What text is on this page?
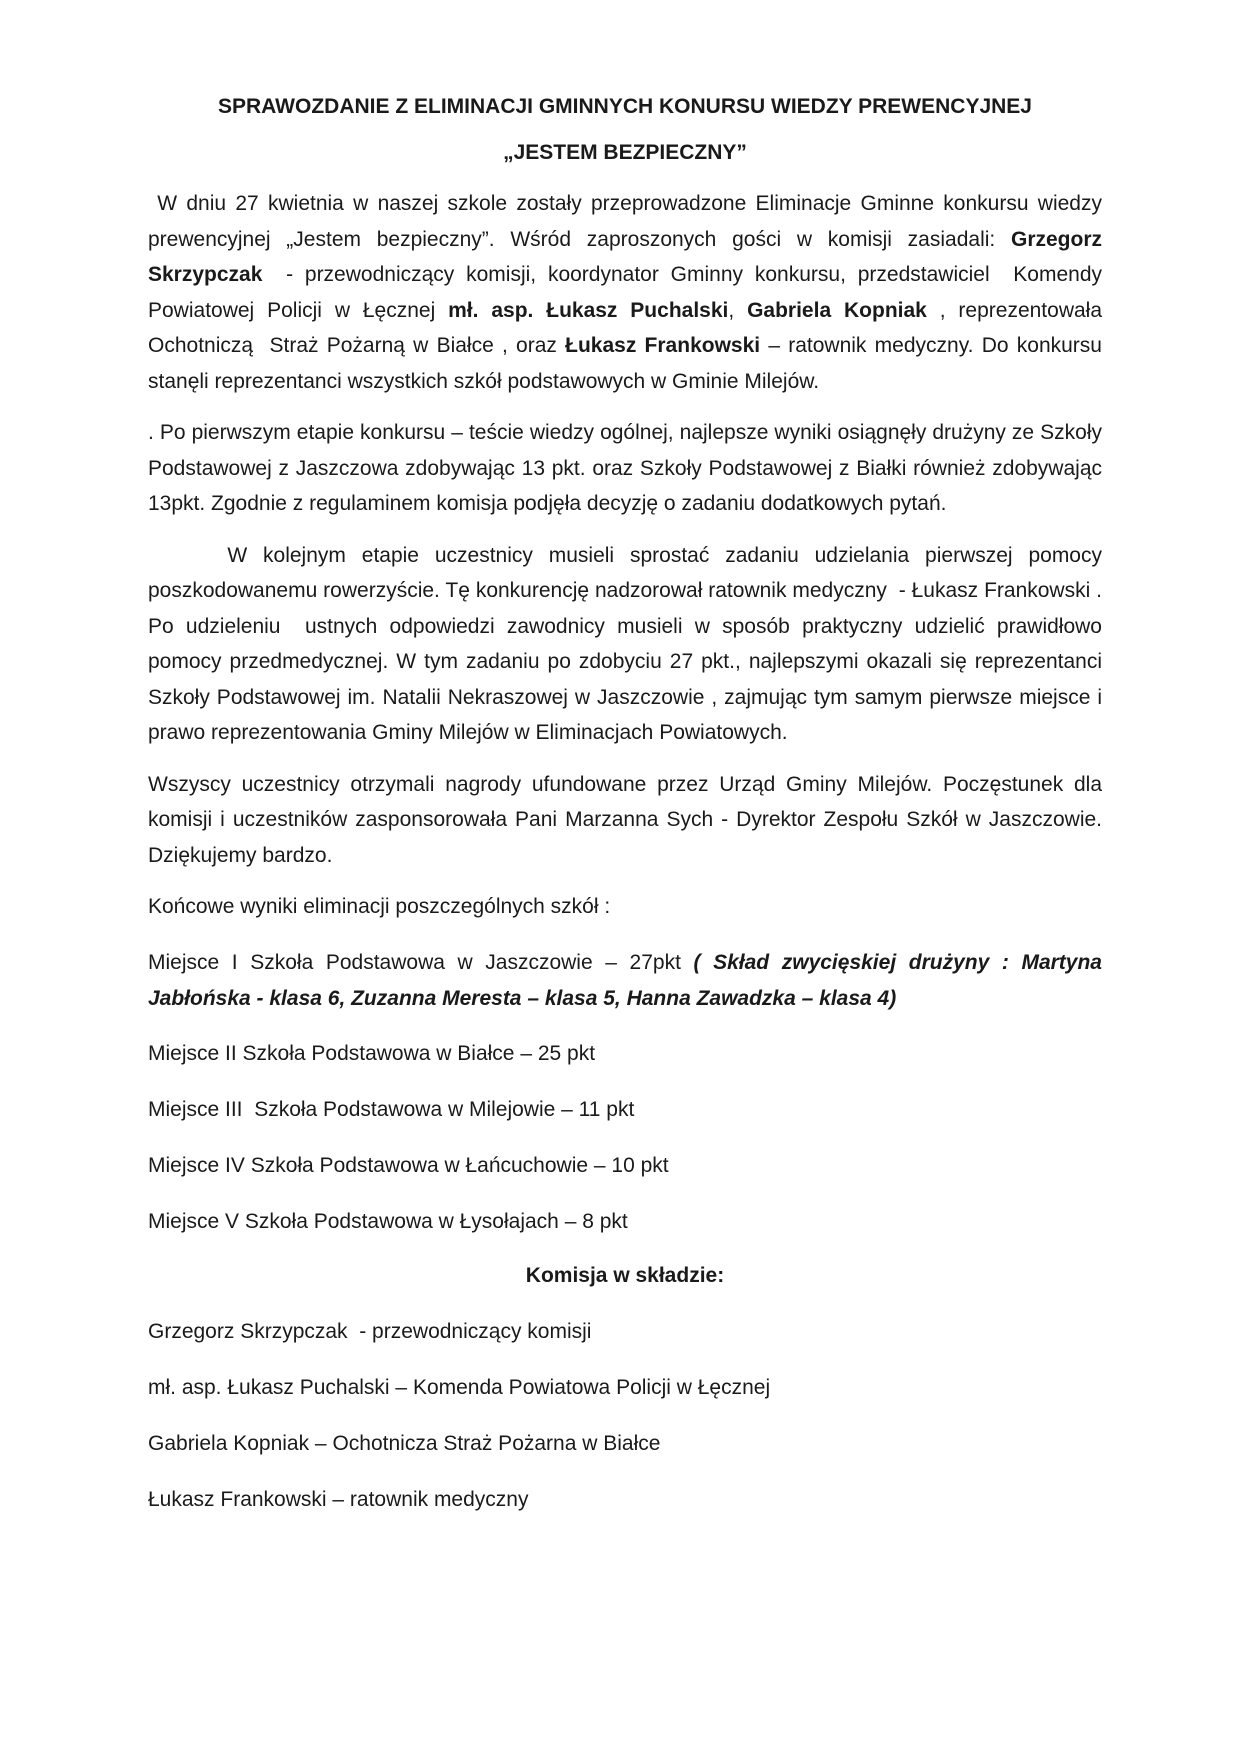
SPRAWOZDANIE Z ELIMINACJI GMINNYCH KONURSU WIEDZY PREWENCYJNEJ

„JESTEM BEZPIECZNY”

W dniu 27 kwietnia w naszej szkole zostały przeprowadzone Eliminacje Gminne konkursu wiedzy prewencyjnej „Jestem bezpieczny”. Wśród zaproszonych gości w komisji zasiadali: Grzegorz Skrzypczak  - przewodniczący komisji, koordynator Gminny konkursu, przedstawiciel  Komendy Powiatowej Policji w Łęcznej mł. asp. Łukasz Puchalski, Gabriela Kopniak , reprezentowała  Ochotniczą  Straż Pożarną w Białce , oraz Łukasz Frankowski – ratownik medyczny. Do konkursu stanęli reprezentanci wszystkich szkół podstawowych w Gminie Milejów.

. Po pierwszym etapie konkursu – teście wiedzy ogólnej, najlepsze wyniki osiągnęły drużyny ze Szkoły Podstawowej z Jaszczowa zdobywając 13 pkt. oraz Szkoły Podstawowej z Białki również zdobywając 13pkt. Zgodnie z regulaminem komisja podjęła decyzję o zadaniu dodatkowych pytań.

W kolejnym etapie uczestnicy musieli sprostać zadaniu udzielania pierwszej pomocy poszkodowanemu rowerzyście. Tę konkurencję nadzorował ratownik medyczny  - Łukasz Frankowski . Po udzieleniu  ustnych odpowiedzi zawodnicy musieli w sposób praktyczny udzielić prawidłowo pomocy przedmedycznej. W tym zadaniu po zdobyciu 27 pkt., najlepszymi okazali się reprezentanci  Szkoły Podstawowej im. Natalii Nekraszowej w Jaszczowie , zajmując tym samym pierwsze miejsce i prawo reprezentowania Gminy Milejów w Eliminacjach Powiatowych.

Wszyscy uczestnicy otrzymali nagrody ufundowane przez Urząd Gminy Milejów. Poczęstunek dla komisji i uczestników zasponsorowała Pani Marzanna Sych - Dyrektor Zespołu Szkół w Jaszczowie. Dziękujemy bardzo.

Końcowe wyniki eliminacji poszczególnych szkół :

Miejsce I Szkoła Podstawowa w Jaszczowie – 27pkt ( Skład zwycięskiej drużyny : Martyna Jabłońska - klasa 6, Zuzanna Meresta – klasa 5, Hanna Zawadzka – klasa 4)

Miejsce II Szkoła Podstawowa w Białce – 25 pkt

Miejsce III  Szkoła Podstawowa w Milejowie – 11 pkt

Miejsce IV Szkoła Podstawowa w Łańcuchowie – 10 pkt

Miejsce V Szkoła Podstawowa w Łysołajach – 8 pkt

Komisja w składzie:

Grzegorz Skrzypczak  - przewodniczący komisji

mł. asp. Łukasz Puchalski – Komenda Powiatowa Policji w Łęcznej

Gabriela Kopniak – Ochotnicza Straż Pożarna w Białce

Łukasz Frankowski – ratownik medyczny
